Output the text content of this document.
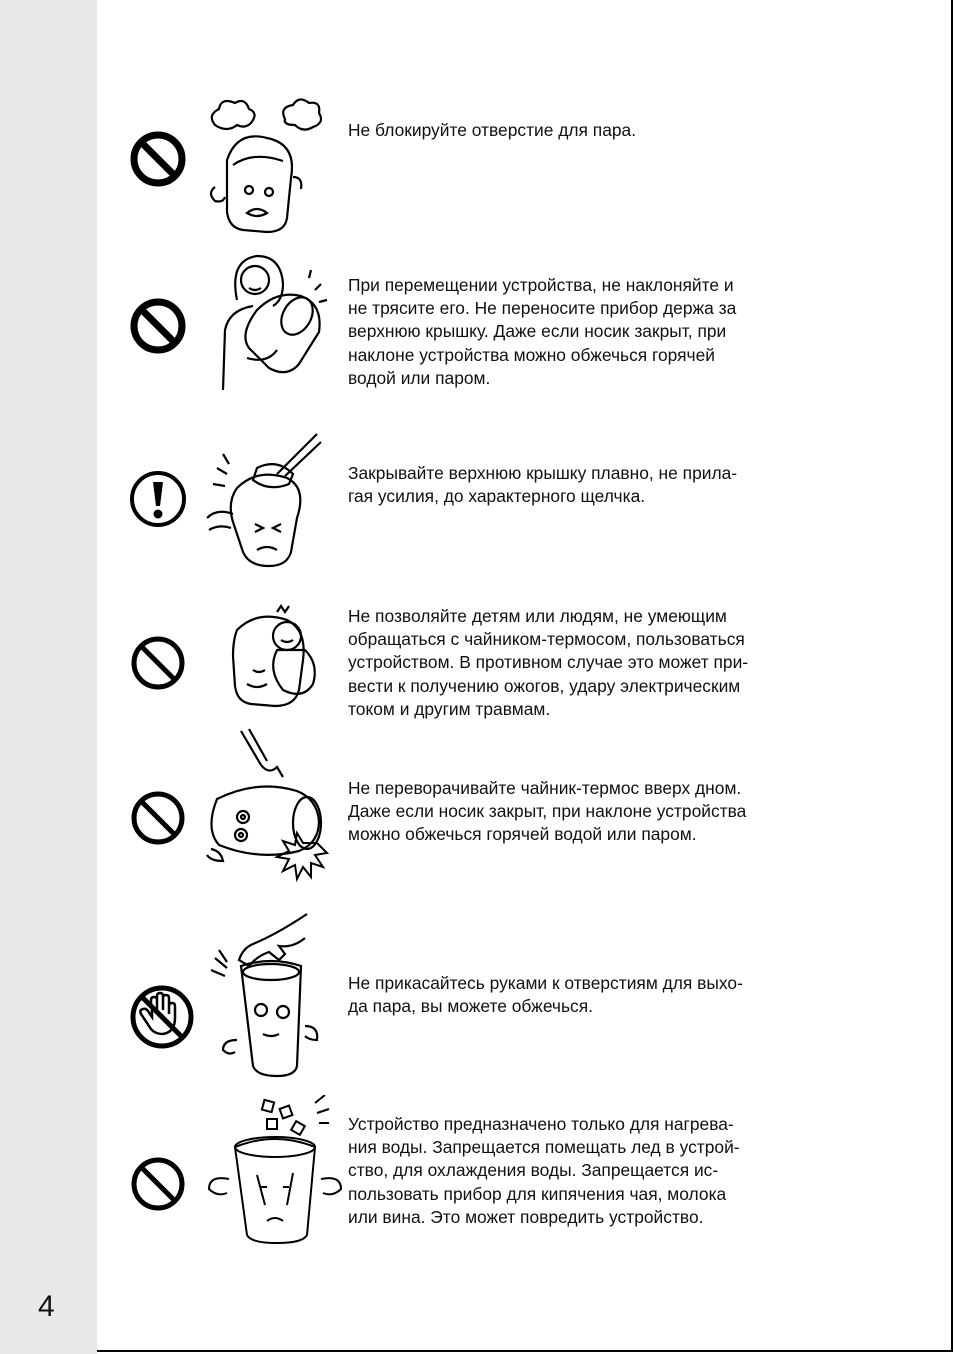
4

Не блокируйте отверстие для пара.

При перемещении устройства, не наклоняйте и
не трясите его. Не переносите прибор держа за
верхнюю крышку. Даже если носик закрыт, при
наклоне устройства можно обжечься горячей
водой или паром.

Закрывайте верхнюю крышку плавно, не прила-
гая усилия, до характерного щелчка.

Не позволяйте детям или людям, не умеющим
обращаться с чайником-термосом, пользоваться
устройством. В противном случае это может при-
вести к получению ожогов, удару электрическим
током и другим травмам.

Не переворачивайте чайник-термос вверх дном.
Даже если носик закрыт, при наклоне устройства
можно обжечься горячей водой или паром.

Не прикасайтесь руками к отверстиям для выхо-
да пара, вы можете обжечься.

Устройство предназначено только для нагрева-
ния воды. Запрещается помещать лед в устрой-
ство, для охлаждения воды. Запрещается ис-
пользовать прибор для кипячения чая, молока
или вина. Это может повредить устройство.
